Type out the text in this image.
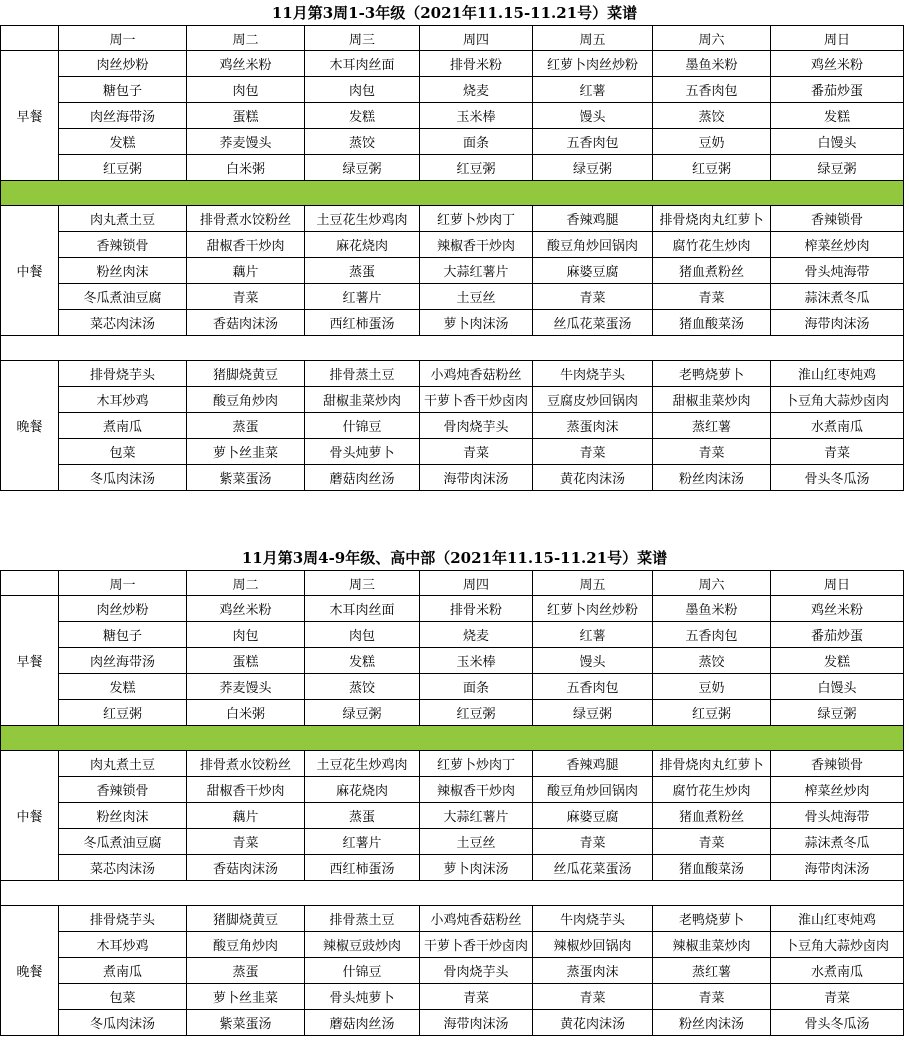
11月第3周1-3年级（2021年11.15-11.21号）菜谱
	周一	周二	周三	周四	周五	周六	周日
早餐	肉丝炒粉	鸡丝米粉	木耳肉丝面	排骨米粉	红萝卜肉丝炒粉	墨鱼米粉	鸡丝米粉
	糖包子	肉包	肉包	烧麦	红薯	五香肉包	番茄炒蛋
	肉丝海带汤	蛋糕	发糕	玉米棒	馒头	蒸饺	发糕
	发糕	荞麦馒头	蒸饺	面条	五香肉包	豆奶	白馒头
	红豆粥	白米粥	绿豆粥	红豆粥	绿豆粥	红豆粥	绿豆粥

中餐	肉丸煮土豆	排骨煮水饺粉丝	土豆花生炒鸡肉	红萝卜炒肉丁	香辣鸡腿	排骨烧肉丸红萝卜	香辣锁骨
	香辣锁骨	甜椒香干炒肉	麻花烧肉	辣椒香干炒肉	酸豆角炒回锅肉	腐竹花生炒肉	榨菜丝炒肉
	粉丝肉沫	藕片	蒸蛋	大蒜红薯片	麻婆豆腐	猪血煮粉丝	骨头炖海带
	冬瓜煮油豆腐	青菜	红薯片	土豆丝	青菜	青菜	蒜沫煮冬瓜
	菜芯肉沫汤	香菇肉沫汤	西红柿蛋汤	萝卜肉沫汤	丝瓜花菜蛋汤	猪血酸菜汤	海带肉沫汤

晚餐	排骨烧芋头	猪脚烧黄豆	排骨蒸土豆	小鸡炖香菇粉丝	牛肉烧芋头	老鸭烧萝卜	淮山红枣炖鸡
	木耳炒鸡	酸豆角炒肉	甜椒韭菜炒肉	干萝卜香干炒卤肉	豆腐皮炒回锅肉	甜椒韭菜炒肉	卜豆角大蒜炒卤肉
	煮南瓜	蒸蛋	什锦豆	骨肉烧芋头	蒸蛋肉沫	蒸红薯	水煮南瓜
	包菜	萝卜丝韭菜	骨头炖萝卜	青菜	青菜	青菜	青菜
	冬瓜肉沫汤	紫菜蛋汤	蘑菇肉丝汤	海带肉沫汤	黄花肉沫汤	粉丝肉沫汤	骨头冬瓜汤
11月第3周4-9年级、高中部（2021年11.15-11.21号）菜谱
	周一	周二	周三	周四	周五	周六	周日
早餐	肉丝炒粉	鸡丝米粉	木耳肉丝面	排骨米粉	红萝卜肉丝炒粉	墨鱼米粉	鸡丝米粉
	糖包子	肉包	肉包	烧麦	红薯	五香肉包	番茄炒蛋
	肉丝海带汤	蛋糕	发糕	玉米棒	馒头	蒸饺	发糕
	发糕	荞麦馒头	蒸饺	面条	五香肉包	豆奶	白馒头
	红豆粥	白米粥	绿豆粥	红豆粥	绿豆粥	红豆粥	绿豆粥

中餐	肉丸煮土豆	排骨煮水饺粉丝	土豆花生炒鸡肉	红萝卜炒肉丁	香辣鸡腿	排骨烧肉丸红萝卜	香辣锁骨
	香辣锁骨	甜椒香干炒肉	麻花烧肉	辣椒香干炒肉	酸豆角炒回锅肉	腐竹花生炒肉	榨菜丝炒肉
	粉丝肉沫	藕片	蒸蛋	大蒜红薯片	麻婆豆腐	猪血煮粉丝	骨头炖海带
	冬瓜煮油豆腐	青菜	红薯片	土豆丝	青菜	青菜	蒜沫煮冬瓜
	菜芯肉沫汤	香菇肉沫汤	西红柿蛋汤	萝卜肉沫汤	丝瓜花菜蛋汤	猪血酸菜汤	海带肉沫汤

晚餐	排骨烧芋头	猪脚烧黄豆	排骨蒸土豆	小鸡炖香菇粉丝	牛肉烧芋头	老鸭烧萝卜	淮山红枣炖鸡
	木耳炒鸡	酸豆角炒肉	辣椒豆豉炒肉	干萝卜香干炒卤肉	辣椒炒回锅肉	辣椒韭菜炒肉	卜豆角大蒜炒卤肉
	煮南瓜	蒸蛋	什锦豆	骨肉烧芋头	蒸蛋肉沫	蒸红薯	水煮南瓜
	包菜	萝卜丝韭菜	骨头炖萝卜	青菜	青菜	青菜	青菜
	冬瓜肉沫汤	紫菜蛋汤	蘑菇肉丝汤	海带肉沫汤	黄花肉沫汤	粉丝肉沫汤	骨头冬瓜汤
